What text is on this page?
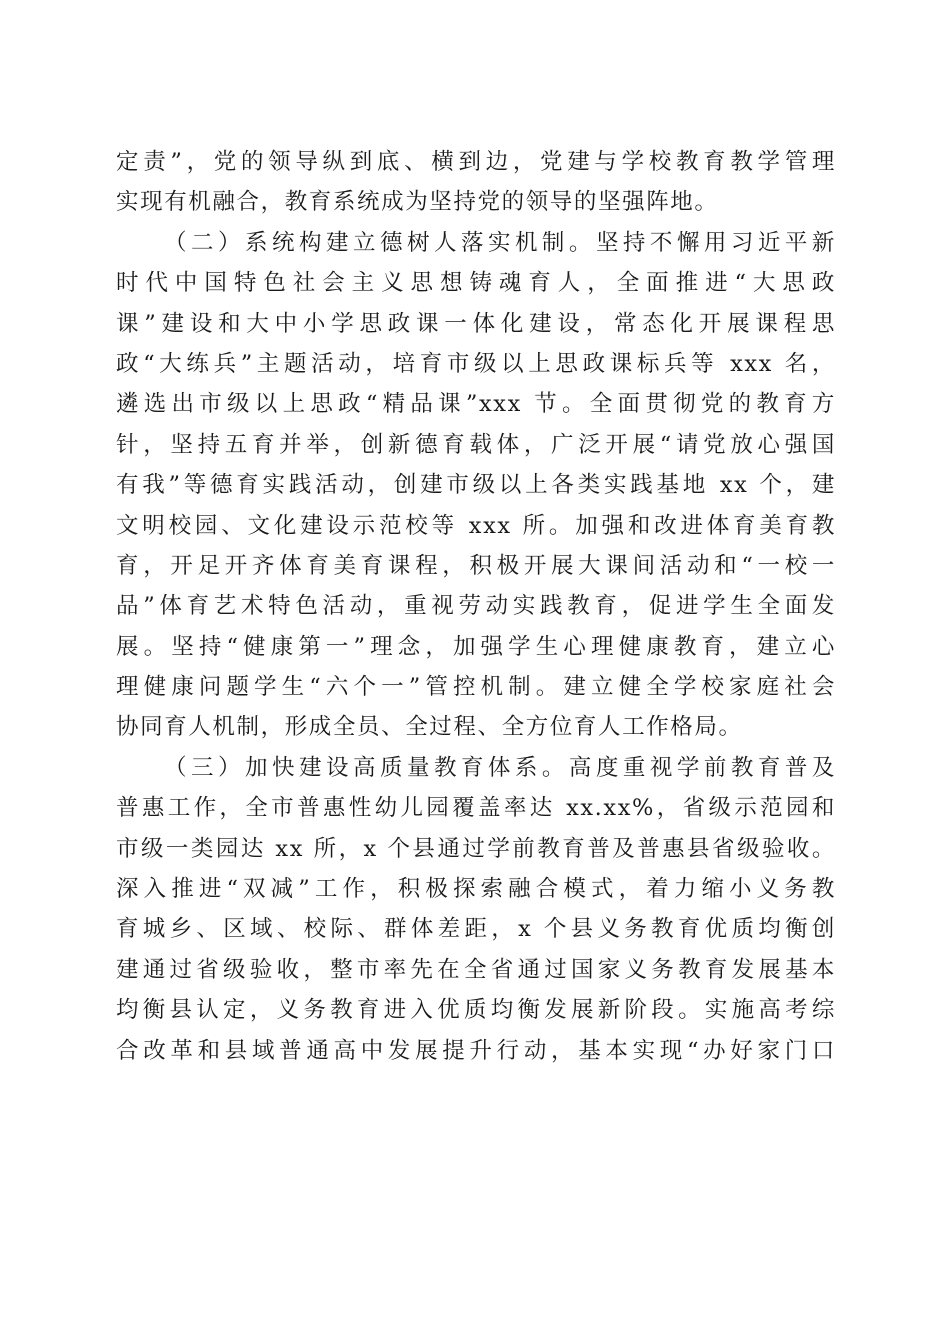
定责”，党的领导纵到底、横到边，党建与学校教育教学管理
实现有机融合，教育系统成为坚持党的领导的坚强阵地。
（二）系统构建立德树人落实机制。坚持不懈用习近平新
时代中国特色社会主义思想铸魂育人，全面推进“大思政
课”建设和大中小学思政课一体化建设，常态化开展课程思
政“大练兵”主题活动，培育市级以上思政课标兵等 xxx 名，
遴选出市级以上思政“精品课”xxx 节。全面贯彻党的教育方
针，坚持五育并举，创新德育载体，广泛开展“请党放心强国
有我”等德育实践活动，创建市级以上各类实践基地 xx 个，建
文明校园、文化建设示范校等 xxx 所。加强和改进体育美育教
育，开足开齐体育美育课程，积极开展大课间活动和“一校一
品”体育艺术特色活动，重视劳动实践教育，促进学生全面发
展。坚持“健康第一”理念，加强学生心理健康教育，建立心
理健康问题学生“六个一”管控机制。建立健全学校家庭社会
协同育人机制，形成全员、全过程、全方位育人工作格局。
（三）加快建设高质量教育体系。高度重视学前教育普及
普惠工作，全市普惠性幼儿园覆盖率达 xx.xx%，省级示范园和
市级一类园达 xx 所，x 个县通过学前教育普及普惠县省级验收。
深入推进“双减”工作，积极探索融合模式，着力缩小义务教
育城乡、区域、校际、群体差距，x 个县义务教育优质均衡创
建通过省级验收，整市率先在全省通过国家义务教育发展基本
均衡县认定，义务教育进入优质均衡发展新阶段。实施高考综
合改革和县域普通高中发展提升行动，基本实现“办好家门口
